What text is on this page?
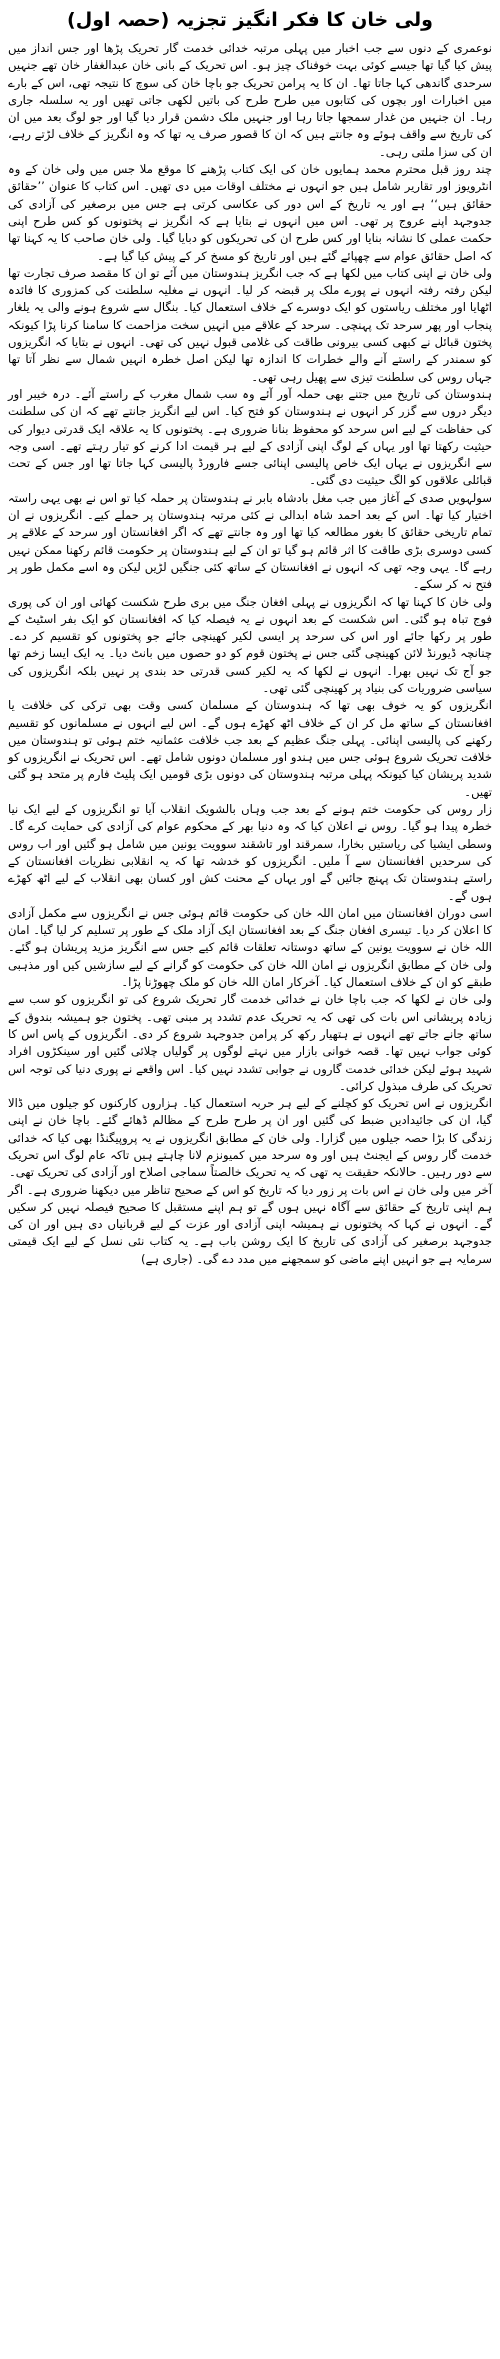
ولی خان کا فکر انگیز تجزیہ (حصہ اول)

نوعمری کے دنوں سے جب اخبار میں پہلی مرتبہ خدائی خدمت گار تحریک پڑھا اور جس انداز میں پیش کیا گیا تھا جیسے کوئی بہت خوفناک چیز ہو۔ اس تحریک کے بانی خان عبدالغفار خان تھے جنہیں سرحدی گاندھی کہا جاتا تھا۔ ان کا یہ پرامن تحریک جو باچا خان کی سوچ کا نتیجہ تھی، اس کے بارے میں اخبارات اور بچوں کی کتابوں میں طرح طرح کی باتیں لکھی جاتی تھیں اور یہ سلسلہ جاری رہا۔ ان جنہیں من غدار سمجھا جاتا رہا اور جنہیں ملک دشمن قرار دیا گیا اور جو لوگ بعد میں ان کی تاریخ سے واقف ہوئے وہ جانتے ہیں کہ ان کا قصور صرف یہ تھا کہ وہ انگریز کے خلاف لڑتے رہے، ان کی سزا ملتی رہی۔

چند روز قبل محترم محمد ہمایوں خان کی ایک کتاب پڑھنے کا موقع ملا جس میں ولی خان کے وہ انٹرویوز اور تقاریر شامل ہیں جو انہوں نے مختلف اوقات میں دی تھیں۔ اس کتاب کا عنوان ’’حقائق حقائق ہیں‘‘ ہے اور یہ تاریخ کے اس دور کی عکاسی کرتی ہے جس میں برصغیر کی آزادی کی جدوجہد اپنے عروج پر تھی۔ اس میں انہوں نے بتایا ہے کہ انگریز نے پختونوں کو کس طرح اپنی حکمت عملی کا نشانہ بنایا اور کس طرح ان کی تحریکوں کو دبایا گیا۔ ولی خان صاحب کا یہ کہنا تھا کہ اصل حقائق عوام سے چھپائے گئے ہیں اور تاریخ کو مسخ کر کے پیش کیا گیا ہے۔

ولی خان نے اپنی کتاب میں لکھا ہے کہ جب انگریز ہندوستان میں آئے تو ان کا مقصد صرف تجارت تھا لیکن رفتہ رفتہ انہوں نے پورے ملک پر قبضہ کر لیا۔ انہوں نے مغلیہ سلطنت کی کمزوری کا فائدہ اٹھایا اور مختلف ریاستوں کو ایک دوسرے کے خلاف استعمال کیا۔ بنگال سے شروع ہونے والی یہ یلغار پنجاب اور پھر سرحد تک پہنچی۔ سرحد کے علاقے میں انہیں سخت مزاحمت کا سامنا کرنا پڑا کیونکہ پختون قبائل نے کبھی کسی بیرونی طاقت کی غلامی قبول نہیں کی تھی۔ انہوں نے بتایا کہ انگریزوں کو سمندر کے راستے آنے والے خطرات کا اندازہ تھا لیکن اصل خطرہ انہیں شمال سے نظر آتا تھا جہاں روس کی سلطنت تیزی سے پھیل رہی تھی۔

ہندوستان کی تاریخ میں جتنے بھی حملہ آور آئے وہ سب شمال مغرب کے راستے آئے۔ درہ خیبر اور دیگر دروں سے گزر کر انہوں نے ہندوستان کو فتح کیا۔ اس لیے انگریز جانتے تھے کہ ان کی سلطنت کی حفاظت کے لیے اس سرحد کو محفوظ بنانا ضروری ہے۔ پختونوں کا یہ علاقہ ایک قدرتی دیوار کی حیثیت رکھتا تھا اور یہاں کے لوگ اپنی آزادی کے لیے ہر قیمت ادا کرنے کو تیار رہتے تھے۔ اسی وجہ سے انگریزوں نے یہاں ایک خاص پالیسی اپنائی جسے فارورڈ پالیسی کہا جاتا تھا اور جس کے تحت قبائلی علاقوں کو الگ حیثیت دی گئی۔

سولہویں صدی کے آغاز میں جب مغل بادشاہ بابر نے ہندوستان پر حملہ کیا تو اس نے بھی یہی راستہ اختیار کیا تھا۔ اس کے بعد احمد شاہ ابدالی نے کئی مرتبہ ہندوستان پر حملے کیے۔ انگریزوں نے ان تمام تاریخی حقائق کا بغور مطالعہ کیا تھا اور وہ جانتے تھے کہ اگر افغانستان اور سرحد کے علاقے پر کسی دوسری بڑی طاقت کا اثر قائم ہو گیا تو ان کے لیے ہندوستان پر حکومت قائم رکھنا ممکن نہیں رہے گا۔ یہی وجہ تھی کہ انہوں نے افغانستان کے ساتھ کئی جنگیں لڑیں لیکن وہ اسے مکمل طور پر فتح نہ کر سکے۔

ولی خان کا کہنا تھا کہ انگریزوں نے پہلی افغان جنگ میں بری طرح شکست کھائی اور ان کی پوری فوج تباہ ہو گئی۔ اس شکست کے بعد انہوں نے یہ فیصلہ کیا کہ افغانستان کو ایک بفر اسٹیٹ کے طور پر رکھا جائے اور اس کی سرحد پر ایسی لکیر کھینچی جائے جو پختونوں کو تقسیم کر دے۔ چنانچہ ڈیورنڈ لائن کھینچی گئی جس نے پختون قوم کو دو حصوں میں بانٹ دیا۔ یہ ایک ایسا زخم تھا جو آج تک نہیں بھرا۔ انہوں نے لکھا کہ یہ لکیر کسی قدرتی حد بندی پر نہیں بلکہ انگریزوں کی سیاسی ضروریات کی بنیاد پر کھینچی گئی تھی۔

انگریزوں کو یہ خوف بھی تھا کہ ہندوستان کے مسلمان کسی وقت بھی ترکی کی خلافت یا افغانستان کے ساتھ مل کر ان کے خلاف اٹھ کھڑے ہوں گے۔ اس لیے انہوں نے مسلمانوں کو تقسیم رکھنے کی پالیسی اپنائی۔ پہلی جنگ عظیم کے بعد جب خلافت عثمانیہ ختم ہوئی تو ہندوستان میں خلافت تحریک شروع ہوئی جس میں ہندو اور مسلمان دونوں شامل تھے۔ اس تحریک نے انگریزوں کو شدید پریشان کیا کیونکہ پہلی مرتبہ ہندوستان کی دونوں بڑی قومیں ایک پلیٹ فارم پر متحد ہو گئی تھیں۔

زار روس کی حکومت ختم ہونے کے بعد جب وہاں بالشویک انقلاب آیا تو انگریزوں کے لیے ایک نیا خطرہ پیدا ہو گیا۔ روس نے اعلان کیا کہ وہ دنیا بھر کے محکوم عوام کی آزادی کی حمایت کرے گا۔ وسطی ایشیا کی ریاستیں بخارا، سمرقند اور تاشقند سوویت یونین میں شامل ہو گئیں اور اب روس کی سرحدیں افغانستان سے آ ملیں۔ انگریزوں کو خدشہ تھا کہ یہ انقلابی نظریات افغانستان کے راستے ہندوستان تک پہنچ جائیں گے اور یہاں کے محنت کش اور کسان بھی انقلاب کے لیے اٹھ کھڑے ہوں گے۔

اسی دوران افغانستان میں امان اللہ خان کی حکومت قائم ہوئی جس نے انگریزوں سے مکمل آزادی کا اعلان کر دیا۔ تیسری افغان جنگ کے بعد افغانستان ایک آزاد ملک کے طور پر تسلیم کر لیا گیا۔ امان اللہ خان نے سوویت یونین کے ساتھ دوستانہ تعلقات قائم کیے جس سے انگریز مزید پریشان ہو گئے۔ ولی خان کے مطابق انگریزوں نے امان اللہ خان کی حکومت کو گرانے کے لیے سازشیں کیں اور مذہبی طبقے کو ان کے خلاف استعمال کیا۔ آخرکار امان اللہ خان کو ملک چھوڑنا پڑا۔

ولی خان نے لکھا کہ جب باچا خان نے خدائی خدمت گار تحریک شروع کی تو انگریزوں کو سب سے زیادہ پریشانی اس بات کی تھی کہ یہ تحریک عدم تشدد پر مبنی تھی۔ پختون جو ہمیشہ بندوق کے ساتھ جانے جاتے تھے انہوں نے ہتھیار رکھ کر پرامن جدوجہد شروع کر دی۔ انگریزوں کے پاس اس کا کوئی جواب نہیں تھا۔ قصہ خوانی بازار میں نہتے لوگوں پر گولیاں چلائی گئیں اور سینکڑوں افراد شہید ہوئے لیکن خدائی خدمت گاروں نے جوابی تشدد نہیں کیا۔ اس واقعے نے پوری دنیا کی توجہ اس تحریک کی طرف مبذول کرائی۔

انگریزوں نے اس تحریک کو کچلنے کے لیے ہر حربہ استعمال کیا۔ ہزاروں کارکنوں کو جیلوں میں ڈالا گیا، ان کی جائیدادیں ضبط کی گئیں اور ان پر طرح طرح کے مظالم ڈھائے گئے۔ باچا خان نے اپنی زندگی کا بڑا حصہ جیلوں میں گزارا۔ ولی خان کے مطابق انگریزوں نے یہ پروپیگنڈا بھی کیا کہ خدائی خدمت گار روس کے ایجنٹ ہیں اور وہ سرحد میں کمیونزم لانا چاہتے ہیں تاکہ عام لوگ اس تحریک سے دور رہیں۔ حالانکہ حقیقت یہ تھی کہ یہ تحریک خالصتاً سماجی اصلاح اور آزادی کی تحریک تھی۔

آخر میں ولی خان نے اس بات پر زور دیا کہ تاریخ کو اس کے صحیح تناظر میں دیکھنا ضروری ہے۔ اگر ہم اپنی تاریخ کے حقائق سے آگاہ نہیں ہوں گے تو ہم اپنے مستقبل کا صحیح فیصلہ نہیں کر سکیں گے۔ انہوں نے کہا کہ پختونوں نے ہمیشہ اپنی آزادی اور عزت کے لیے قربانیاں دی ہیں اور ان کی جدوجہد برصغیر کی آزادی کی تاریخ کا ایک روشن باب ہے۔ یہ کتاب نئی نسل کے لیے ایک قیمتی سرمایہ ہے جو انہیں اپنے ماضی کو سمجھنے میں مدد دے گی۔ (جاری ہے)
